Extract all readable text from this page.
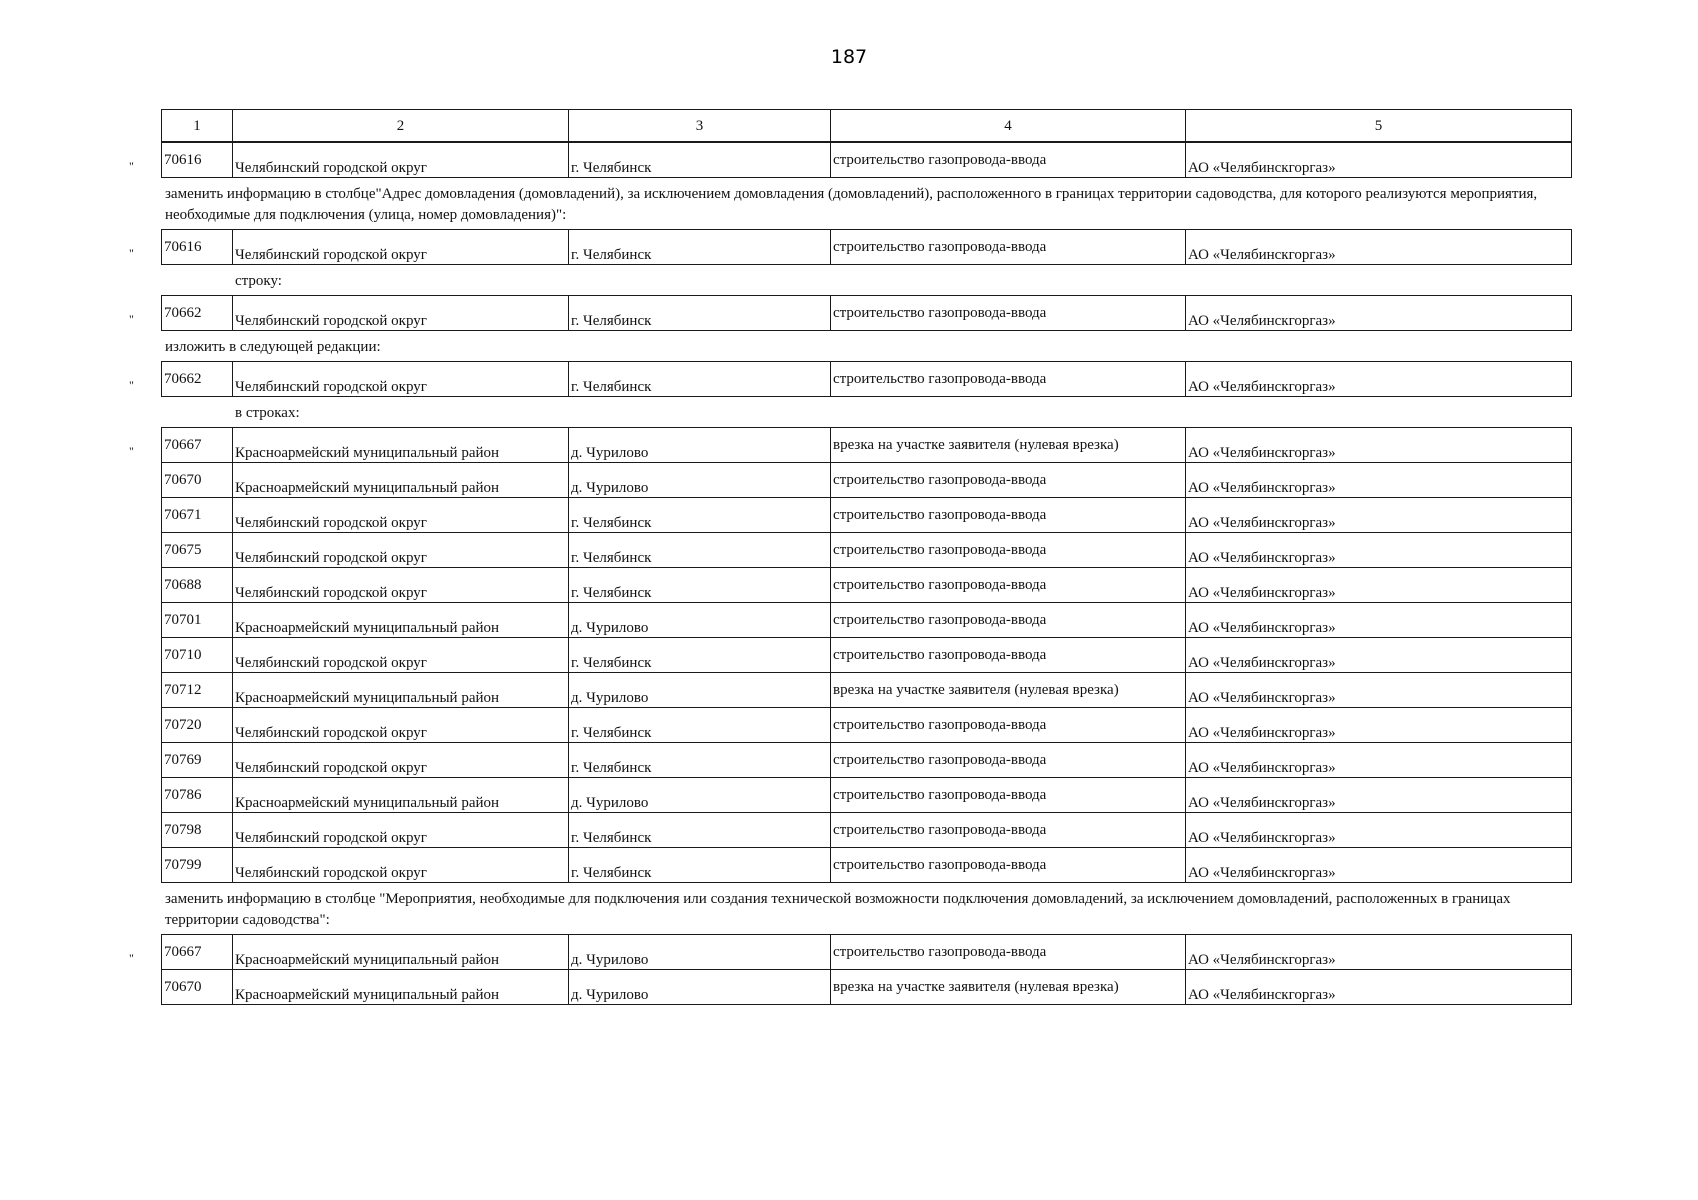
187
1	2	3	4	5
" 70616	Челябинский городской округ	г. Челябинск	строительство газопровода-ввода	АО «Челябинскгоргаз»
заменить информацию в столбце"Адрес домовладения (домовладений), за исключением домовладения (домовладений), расположенного в границах территории садоводства, для которого реализуются мероприятия, необходимые для подключения (улица, номер домовладения)":
" 70616	Челябинский городской округ	г. Челябинск	строительство газопровода-ввода	АО «Челябинскгоргаз»
строку:
" 70662	Челябинский городской округ	г. Челябинск	строительство газопровода-ввода	АО «Челябинскгоргаз»
изложить в следующей редакции:
" 70662	Челябинский городской округ	г. Челябинск	строительство газопровода-ввода	АО «Челябинскгоргаз»
в строках:
" 70667	Красноармейский муниципальный район	д. Чурилово	врезка на участке заявителя (нулевая врезка)	АО «Челябинскгоргаз»
70670	Красноармейский муниципальный район	д. Чурилово	строительство газопровода-ввода	АО «Челябинскгоргаз»
70671	Челябинский городской округ	г. Челябинск	строительство газопровода-ввода	АО «Челябинскгоргаз»
70675	Челябинский городской округ	г. Челябинск	строительство газопровода-ввода	АО «Челябинскгоргаз»
70688	Челябинский городской округ	г. Челябинск	строительство газопровода-ввода	АО «Челябинскгоргаз»
70701	Красноармейский муниципальный район	д. Чурилово	строительство газопровода-ввода	АО «Челябинскгоргаз»
70710	Челябинский городской округ	г. Челябинск	строительство газопровода-ввода	АО «Челябинскгоргаз»
70712	Красноармейский муниципальный район	д. Чурилово	врезка на участке заявителя (нулевая врезка)	АО «Челябинскгоргаз»
70720	Челябинский городской округ	г. Челябинск	строительство газопровода-ввода	АО «Челябинскгоргаз»
70769	Челябинский городской округ	г. Челябинск	строительство газопровода-ввода	АО «Челябинскгоргаз»
70786	Красноармейский муниципальный район	д. Чурилово	строительство газопровода-ввода	АО «Челябинскгоргаз»
70798	Челябинский городской округ	г. Челябинск	строительство газопровода-ввода	АО «Челябинскгоргаз»
70799	Челябинский городской округ	г. Челябинск	строительство газопровода-ввода	АО «Челябинскгоргаз»
заменить информацию в столбце "Мероприятия, необходимые для подключения или создания технической возможности подключения домовладений, за исключением домовладений, расположенных в границах территории садоводства":
" 70667	Красноармейский муниципальный район	д. Чурилово	строительство газопровода-ввода	АО «Челябинскгоргаз»
70670	Красноармейский муниципальный район	д. Чурилово	врезка на участке заявителя (нулевая врезка)	АО «Челябинскгоргаз»
